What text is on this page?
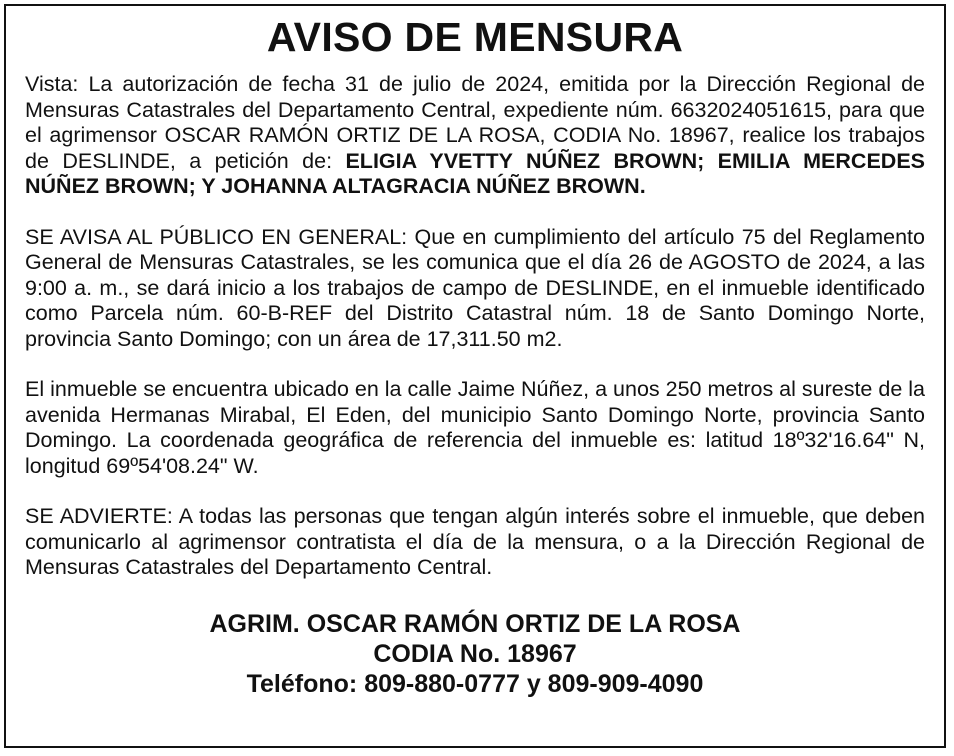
AVISO DE MENSURA

Vista: La autorización de fecha 31 de julio de 2024, emitida por la Dirección Regional de Mensuras Catastrales del Departamento Central, expediente núm. 6632024051615, para que el agrimensor OSCAR RAMÓN ORTIZ DE LA ROSA, CODIA No. 18967, realice los trabajos de DESLINDE, a petición de: ELIGIA YVETTY NÚÑEZ BROWN; EMILIA MERCEDES NÚÑEZ BROWN; Y JOHANNA ALTAGRACIA NÚÑEZ BROWN.

SE AVISA AL PÚBLICO EN GENERAL: Que en cumplimiento del artículo 75 del Reglamento General de Mensuras Catastrales, se les comunica que el día 26 de AGOSTO de 2024, a las 9:00 a. m., se dará inicio a los trabajos de campo de DESLINDE, en el inmueble identificado como Parcela núm. 60-B-REF del Distrito Catastral núm. 18 de Santo Domingo Norte, provincia Santo Domingo; con un área de 17,311.50 m2.

El inmueble se encuentra ubicado en la calle Jaime Núñez, a unos 250 metros al sureste de la avenida Hermanas Mirabal, El Eden, del municipio Santo Domingo Norte, provincia Santo Domingo. La coordenada geográfica de referencia del inmueble es: latitud 18º32'16.64" N, longitud 69º54'08.24" W.

SE ADVIERTE: A todas las personas que tengan algún interés sobre el inmueble, que deben comunicarlo al agrimensor contratista el día de la mensura, o a la Dirección Regional de Mensuras Catastrales del Departamento Central.

AGRIM. OSCAR RAMÓN ORTIZ DE LA ROSA
CODIA No. 18967
Teléfono: 809-880-0777 y 809-909-4090
